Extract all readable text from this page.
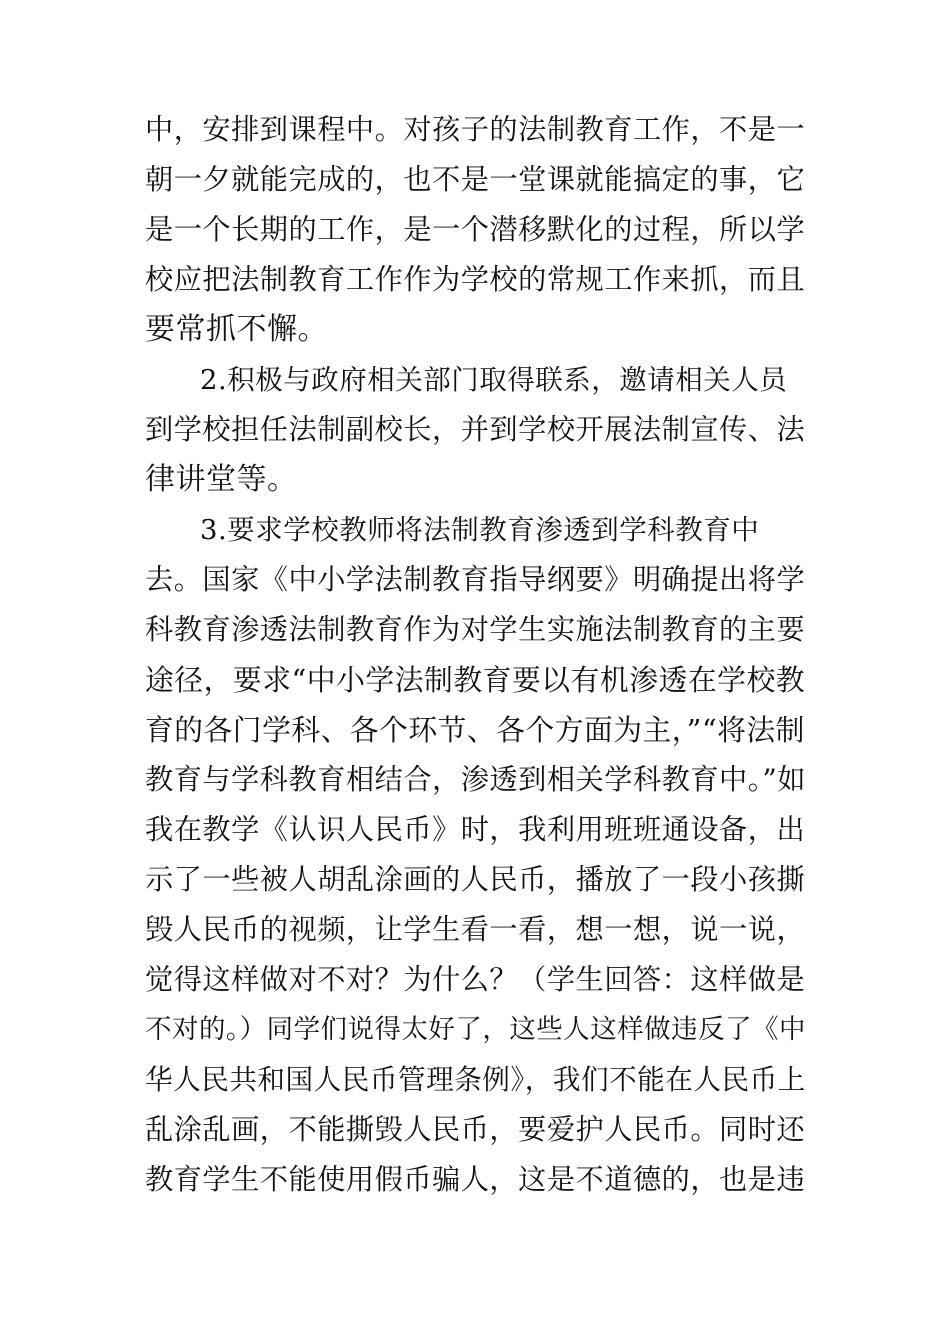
中，安排到课程中。对孩子的法制教育工作，不是一
朝一夕就能完成的，也不是一堂课就能搞定的事，它
是一个长期的工作，是一个潜移默化的过程，所以学
校应把法制教育工作作为学校的常规工作来抓，而且
要常抓不懈。
2.积极与政府相关部门取得联系，邀请相关人员
到学校担任法制副校长，并到学校开展法制宣传、法
律讲堂等。
3.要求学校教师将法制教育渗透到学科教育中
去。国家《中小学法制教育指导纲要》明确提出将学
科教育渗透法制教育作为对学生实施法制教育的主要
途径，要求“中小学法制教育要以有机渗透在学校教
育的各门学科、各个环节、各个方面为主，”“将法制
教育与学科教育相结合，渗透到相关学科教育中。”如
我在教学《认识人民币》时，我利用班班通设备，出
示了一些被人胡乱涂画的人民币，播放了一段小孩撕
毁人民币的视频，让学生看一看，想一想，说一说，
觉得这样做对不对？为什么？（学生回答：这样做是
不对的。）同学们说得太好了，这些人这样做违反了《中
华人民共和国人民币管理条例》，我们不能在人民币上
乱涂乱画，不能撕毁人民币，要爱护人民币。同时还
教育学生不能使用假币骗人，这是不道德的，也是违
